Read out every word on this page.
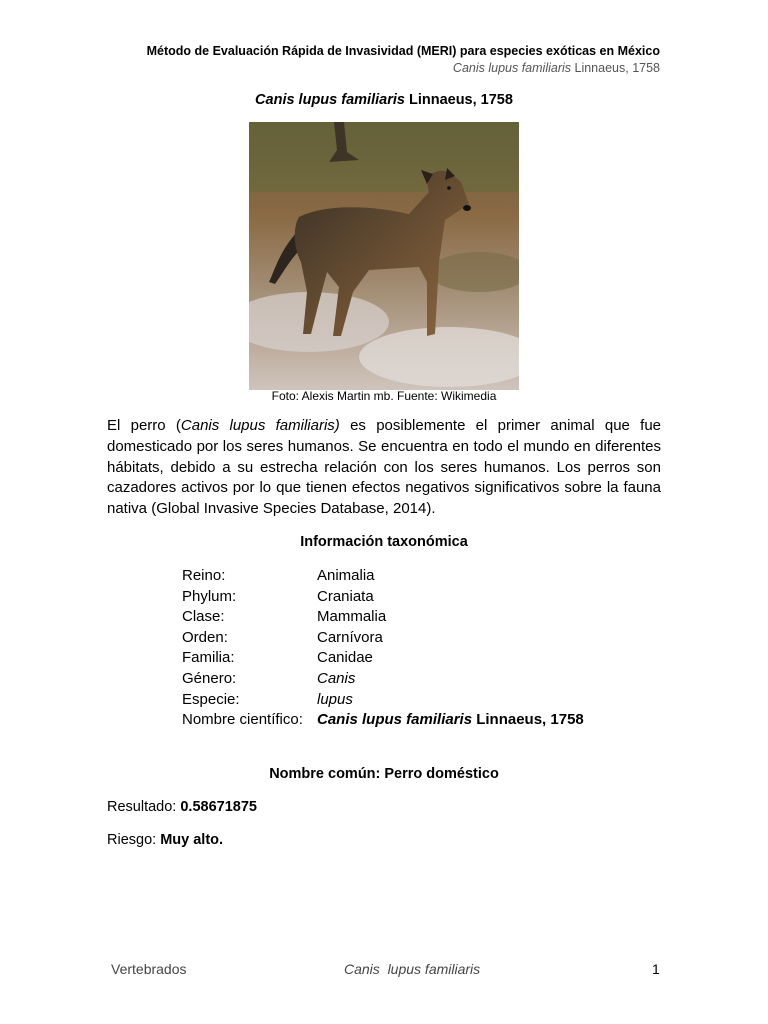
Método de Evaluación Rápida de Invasividad (MERI) para especies exóticas en México
Canis lupus familiaris Linnaeus, 1758
Canis lupus familiaris Linnaeus, 1758
Foto: Alexis Martin mb. Fuente: Wikimedia
El perro (Canis lupus familiaris) es posiblemente el primer animal que fue domesticado por los seres humanos. Se encuentra en todo el mundo en diferentes hábitats, debido a su estrecha relación con los seres humanos. Los perros son cazadores activos por lo que tienen efectos negativos significativos sobre la fauna nativa (Global Invasive Species Database, 2014).
Información taxonómica
Reino:	Animalia
Phylum:	Craniata
Clase:	Mammalia
Orden:	Carnívora
Familia:	Canidae
Género:	Canis
Especie:	lupus
Nombre científico: Canis lupus familiaris Linnaeus, 1758
Nombre común: Perro doméstico
Resultado: 0.58671875
Riesgo: Muy alto.
Vertebrados	Canis  lupus familiaris	1
